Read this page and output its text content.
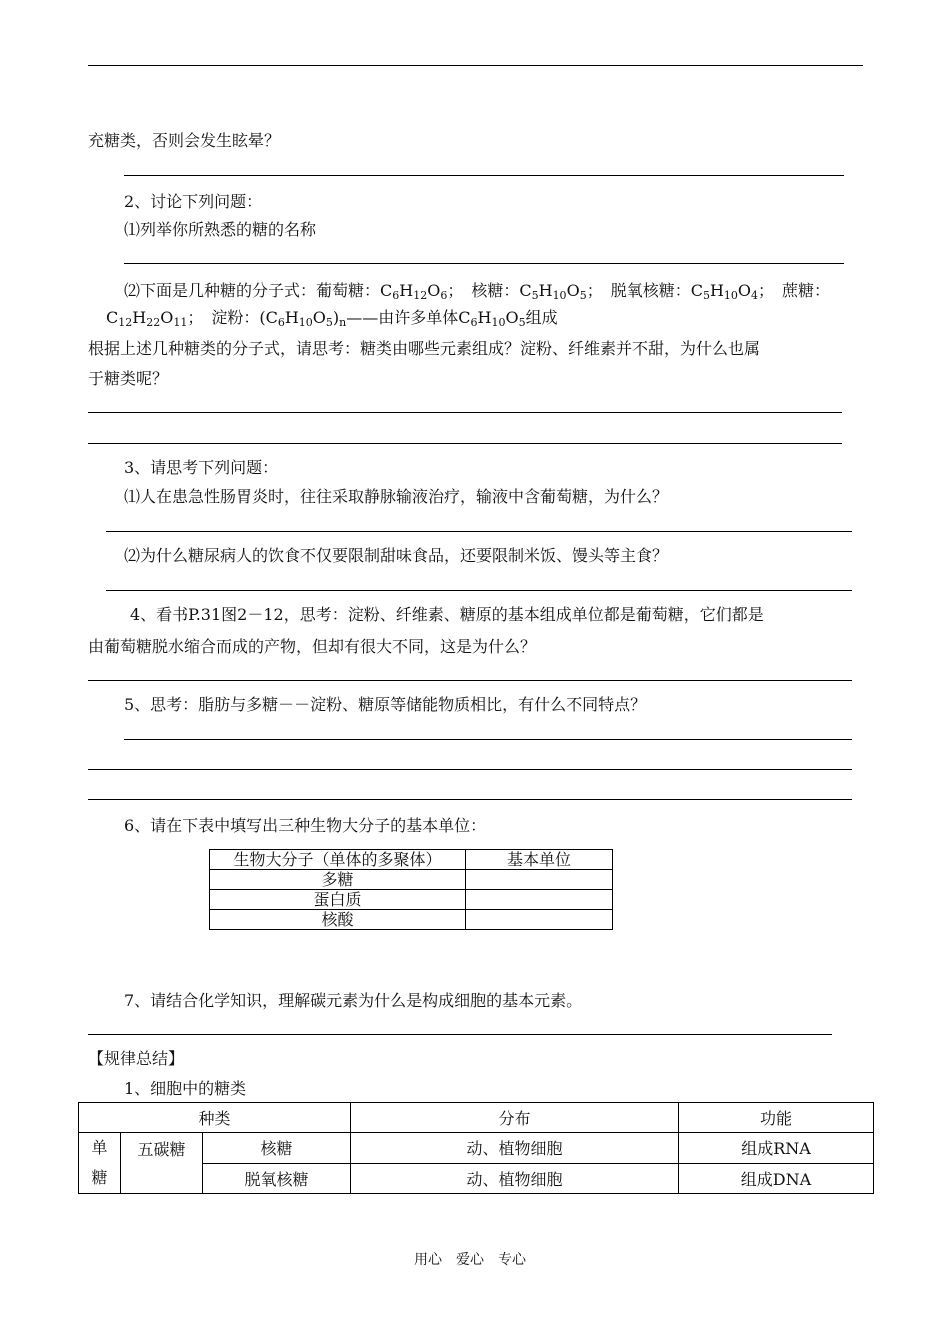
充糖类，否则会发生眩晕？
2、讨论下列问题：
⑴列举你所熟悉的糖的名称
⑵下面是几种糖的分子式：葡萄糖：$C_6H_{12}O_6$；　核糖：$C_5H_{10}O_5$；　脱氧核糖：$C_5H_{10}O_4$；　蔗糖：
$C_{12}H_{22}O_{11}$；　淀粉：$(C_6H_{10}O_5)_n——$由许多单体$C_6H_{10}O_5$组成
根据上述几种糖类的分子式，请思考：糖类由哪些元素组成？淀粉、纤维素并不甜，为什么也属
于糖类呢？
3、请思考下列问题：
⑴人在患急性肠胃炎时，往往采取静脉输液治疗，输液中含葡萄糖，为什么？
⑵为什么糖尿病人的饮食不仅要限制甜味食品，还要限制米饭、馒头等主食？
4、看书P.31图2－12，思考：淀粉、纤维素、糖原的基本组成单位都是葡萄糖，它们都是
由葡萄糖脱水缩合而成的产物，但却有很大不同，这是为什么？
5、思考：脂肪与多糖－－淀粉、糖原等储能物质相比，有什么不同特点？
6、请在下表中填写出三种生物大分子的基本单位：
生物大分子（单体的多聚体）	基本单位
多糖	
蛋白质	
核酸	
7、请结合化学知识，理解碳元素为什么是构成细胞的基本元素。
【规律总结】
1、细胞中的糖类
种类			分布	功能

单
糖	五碳糖	核糖	动、植物细胞	组成RNA
		脱氧核糖	动、植物细胞	组成DNA
用心　爱心　专心
